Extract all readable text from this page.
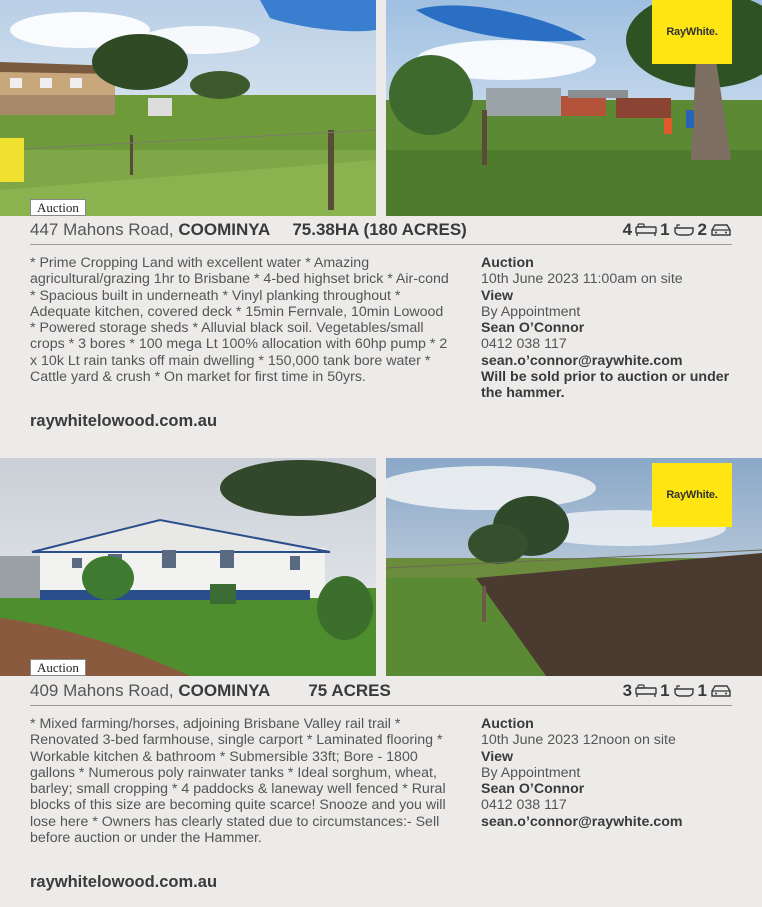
RayWhite.
Auction
447 Mahons Road, COOMINYA 75.38HA (180 ACRES)	4 1 2
* Prime Cropping Land with excellent water * Amazing agricultural/grazing 1hr to Brisbane * 4-bed highset brick * Air-cond * Spacious built in underneath * Vinyl planking throughout * Adequate kitchen, covered deck * 15min Fernvale, 10min Lowood * Powered storage sheds * Alluvial black soil. Vegetables/small crops * 3 bores * 100 mega Lt 100% allocation with 60hp pump * 2 x 10k Lt rain tanks off main dwelling * 150,000 tank bore water * Cattle yard & crush * On market for first time in 50yrs.
Auction
10th June 2023 11:00am on site
View
By Appointment
Sean O’Connor
0412 038 117
sean.o’connor@raywhite.com
Will be sold prior to auction or under the hammer.
raywhitelowood.com.au
RayWhite.
Auction
409 Mahons Road, COOMINYA 75 ACRES	3 1 1
* Mixed farming/horses, adjoining Brisbane Valley rail trail * Renovated 3-bed farmhouse, single carport * Laminated flooring * Workable kitchen & bathroom * Submersible 33ft; Bore - 1800 gallons * Numerous poly rainwater tanks * Ideal sorghum, wheat, barley; small cropping * 4 paddocks & laneway well fenced * Rural blocks of this size are becoming quite scarce! Snooze and you will lose here * Owners has clearly stated due to circumstances:- Sell before auction or under the Hammer.
Auction
10th June 2023 12noon on site
View
By Appointment
Sean O’Connor
0412 038 117
sean.o’connor@raywhite.com
raywhitelowood.com.au
